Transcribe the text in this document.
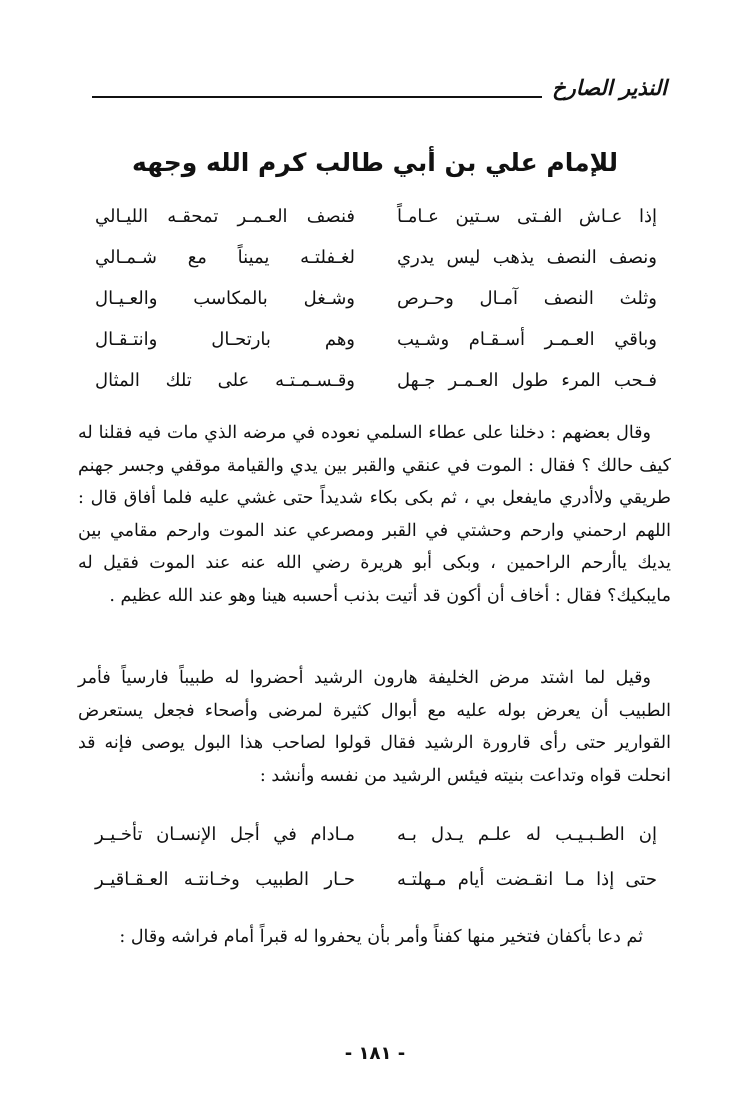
النذير الصارخ
للإمام علي بن أبي طالب كرم الله وجهه
إذا عـاش الفـتى سـتين عـامـاً
فنصف العـمـر تمحقـه الليـالي
ونصف النصف يذهب ليس يدري
لغـفلتـه يميناً مع شـمـالي
وثلث النصف آمـال وحـرص
وشـغل بالمكاسب والعـيـال
وباقي العـمـر أسـقـام وشـيب
وهم بارتحـال وانتـقـال
فـحب المرء طول العـمـر جـهل
وقـسـمـتـه على تلك المثال

وقال بعضهم : دخلنا على عطاء السلمي نعوده في مرضه الذي مات فيه فقلنا له كيف حالك ؟ فقال : الموت في عنقي والقبر بين يدي والقيامة موقفي وجسر جهنم طريقي ولاأدري مايفعل بي ، ثم بكى بكاء شديداً حتى غشي عليه فلما أفاق قال : اللهم ارحمني وارحم وحشتي في القبر ومصرعي عند الموت وارحم مقامي بين يديك ياأرحم الراحمين ، وبكى أبو هريرة رضي الله عنه عند الموت فقيل له مايبكيك؟ فقال : أخاف أن أكون قد أتيت بذنب أحسبه هينا وهو عند الله عظيم .

وقيل لما اشتد مرض الخليفة هارون الرشيد أحضروا له طبيباً فارسياً فأمر الطبيب أن يعرض بوله عليه مع أبوال كثيرة لمرضى وأصحاء فجعل يستعرض القوارير حتى رأى قارورة الرشيد فقال قولوا لصاحب هذا البول يوصى فإنه قد انحلت قواه وتداعت بنيته فيئس الرشيد من نفسه وأنشد :

إن الطـبـيـب له علـم يـدل بـه
مـادام في أجل الإنسـان تأخـيـر
حتى إذا مـا انقـضت أيام مـهلتـه
حـار الطبيب وخـانتـه العـقـاقيـر

ثم دعا بأكفان فتخير منها كفناً وأمر بأن يحفروا له قبراً أمام فراشه وقال :

- ١٨١ -
